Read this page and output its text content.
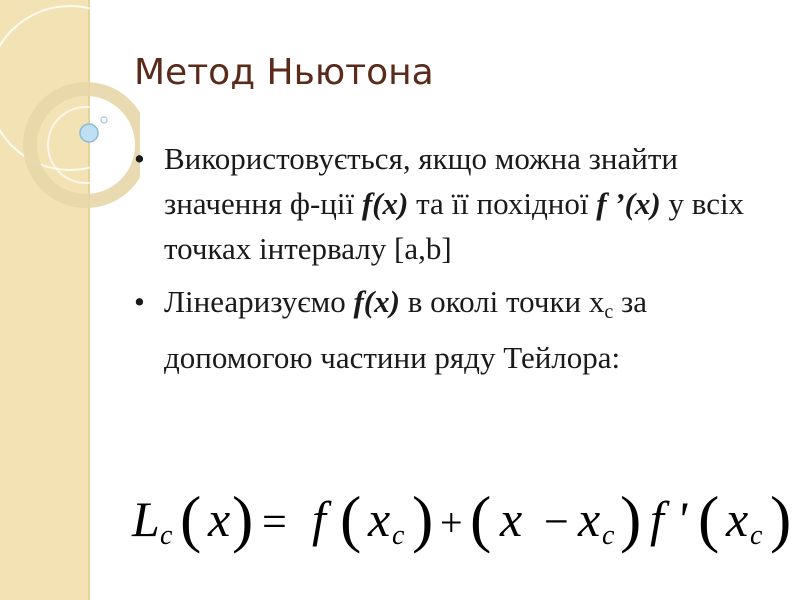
Метод Ньютона
• Використовується, якщо можна знайти значення ф-ції f(x) та її похідної f ’(x) у всіх точках інтервалу [a,b]
• Лінеаризуємо f(x) в околі точки $x_c$ за допомогою частини ряду Тейлора:
L c ( x ) = f ( x c ) + ( x − x c ) f ' ( x c )
